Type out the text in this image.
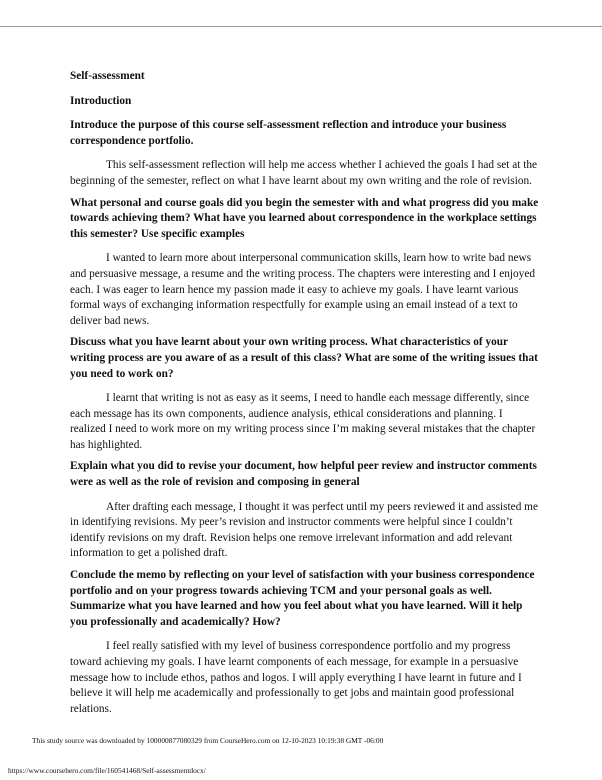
Self-assessment

Introduction

Introduce the purpose of this course self-assessment reflection and introduce your business correspondence portfolio.

This self-assessment reflection will help me access whether I achieved the goals I had set at the beginning of the semester, reflect on what I have learnt about my own writing and the role of revision.

What personal and course goals did you begin the semester with and what progress did you make towards achieving them? What have you learned about correspondence in the workplace settings this semester? Use specific examples

I wanted to learn more about interpersonal communication skills, learn how to write bad news and persuasive message, a resume and the writing process. The chapters were interesting and I enjoyed each. I was eager to learn hence my passion made it easy to achieve my goals. I have learnt various formal ways of exchanging information respectfully for example using an email instead of a text to deliver bad news.

Discuss what you have learnt about your own writing process. What characteristics of your writing process are you aware of as a result of this class? What are some of the writing issues that you need to work on?

I learnt that writing is not as easy as it seems, I need to handle each message differently, since each message has its own components, audience analysis, ethical considerations and planning. I realized I need to work more on my writing process since I’m making several mistakes that the chapter has highlighted.

Explain what you did to revise your document, how helpful peer review and instructor comments were as well as the role of revision and composing in general

After drafting each message, I thought it was perfect until my peers reviewed it and assisted me in identifying revisions. My peer’s revision and instructor comments were helpful since I couldn’t identify revisions on my draft. Revision helps one remove irrelevant information and add relevant information to get a polished draft.

Conclude the memo by reflecting on your level of satisfaction with your business correspondence portfolio and on your progress towards achieving TCM and your personal goals as well. Summarize what you have learned and how you feel about what you have learned. Will it help you professionally and academically? How?

I feel really satisfied with my level of business correspondence portfolio and my progress toward achieving my goals. I have learnt components of each message, for example in a persuasive message how to include ethos, pathos and logos. I will apply everything I have learnt in future and I believe it will help me academically and professionally to get jobs and maintain good professional relations.

This study source was downloaded by 100000877080329 from CourseHero.com on 12-10-2023 10:19:38 GMT -06:00
https://www.coursehero.com/file/160541468/Self-assessmentdocx/
